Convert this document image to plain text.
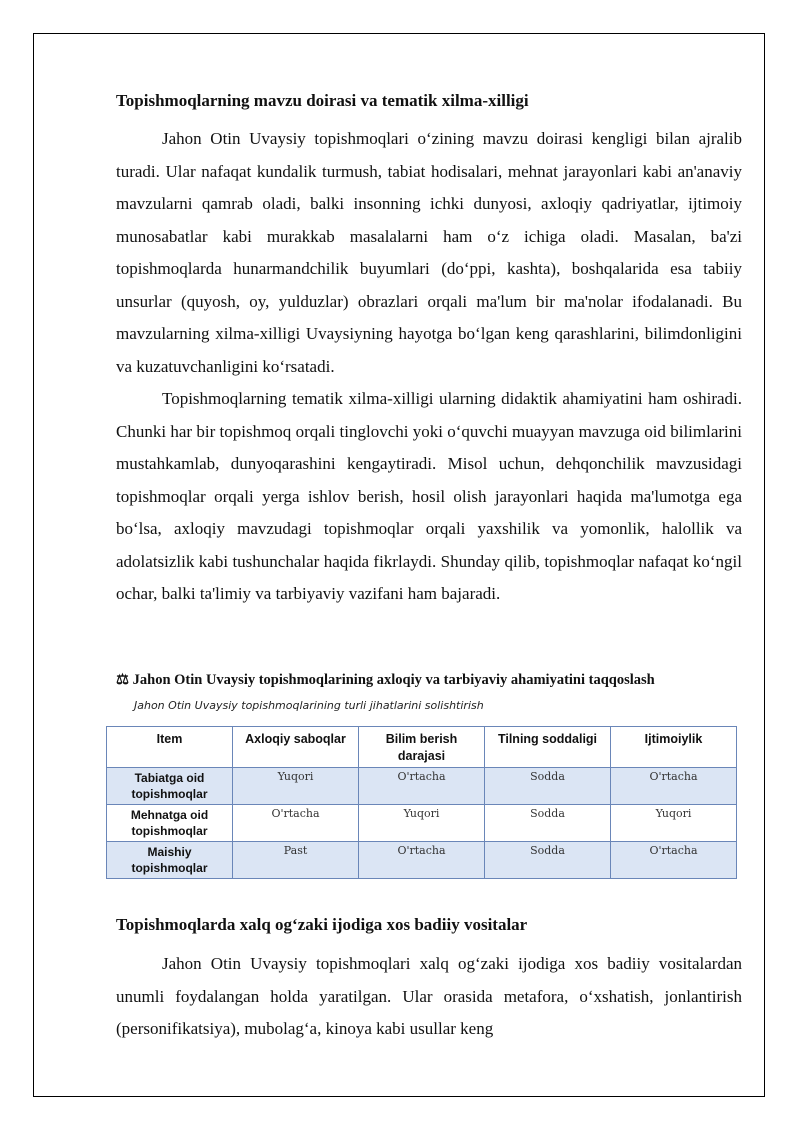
Topishmoqlarning mavzu doirasi va tematik xilma-xilligi

Jahon Otin Uvaysiy topishmoqlari o‘zining mavzu doirasi kengligi bilan ajralib turadi. Ular nafaqat kundalik turmush, tabiat hodisalari, mehnat jarayonlari kabi an'anaviy mavzularni qamrab oladi, balki insonning ichki dunyosi, axloqiy qadriyatlar, ijtimoiy munosabatlar kabi murakkab masalalarni ham o‘z ichiga oladi. Masalan, ba'zi topishmoqlarda hunarmandchilik buyumlari (do‘ppi, kashta), boshqalarida esa tabiiy unsurlar (quyosh, oy, yulduzlar) obrazlari orqali ma'lum bir ma'nolar ifodalanadi. Bu mavzularning xilma-xilligi Uvaysiyning hayotga bo‘lgan keng qarashlarini, bilimdonligini va kuzatuvchanligini ko‘rsatadi.

Topishmoqlarning tematik xilma-xilligi ularning didaktik ahamiyatini ham oshiradi. Chunki har bir topishmoq orqali tinglovchi yoki o‘quvchi muayyan mavzuga oid bilimlarini mustahkamlab, dunyoqarashini kengaytiradi. Misol uchun, dehqonchilik mavzusidagi topishmoqlar orqali yerga ishlov berish, hosil olish jarayonlari haqida ma'lumotga ega bo‘lsa, axloqiy mavzudagi topishmoqlar orqali yaxshilik va yomonlik, halollik va adolatsizlik kabi tushunchalar haqida fikrlaydi. Shunday qilib, topishmoqlar nafaqat ko‘ngil ochar, balki ta'limiy va tarbiyaviy vazifani ham bajaradi.

⚖ Jahon Otin Uvaysiy topishmoqlarining axloqiy va tarbiyaviy ahamiyatini taqqoslash
Jahon Otin Uvaysiy topishmoqlarining turli jihatlarini solishtirish
Item	Axloqiy saboqlar	Bilim berish darajasi	Tilning soddaligi	Ijtimoiylik
Tabiatga oid topishmoqlar	Yuqori	O'rtacha	Sodda	O'rtacha
Mehnatga oid topishmoqlar	O'rtacha	Yuqori	Sodda	Yuqori
Maishiy topishmoqlar	Past	O'rtacha	Sodda	O'rtacha
Topishmoqlarda xalq og‘zaki ijodiga xos badiiy vositalar

Jahon Otin Uvaysiy topishmoqlari xalq og‘zaki ijodiga xos badiiy vositalardan unumli foydalangan holda yaratilgan. Ular orasida metafora, o‘xshatish, jonlantirish (personifikatsiya), mubolag‘a, kinoya kabi usullar keng
